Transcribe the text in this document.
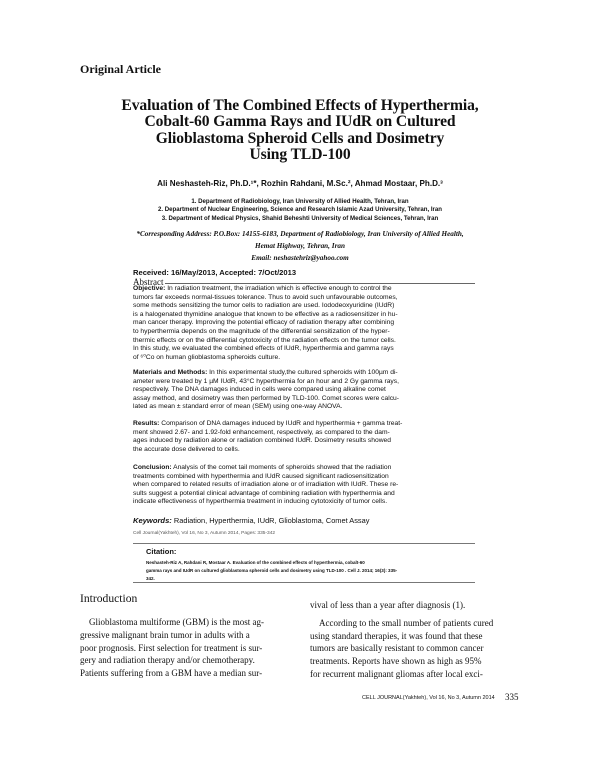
Original Article
Evaluation of The Combined Effects of Hyperthermia,
Cobalt-60 Gamma Rays and IUdR on Cultured
Glioblastoma Spheroid Cells and Dosimetry
Using TLD-100
Ali Neshasteh-Riz, Ph.D.¹*, Rozhin Rahdani, M.Sc.², Ahmad Mostaar, Ph.D.³
1. Department of Radiobiology, Iran University of Allied Health, Tehran, Iran
2. Department of Nuclear Engineering, Science and Research Islamic Azad University, Tehran, Iran
3. Department of Medical Physics, Shahid Beheshti University of Medical Sciences, Tehran, Iran
*Corresponding Address: P.O.Box: 14155-6183, Department of Radiobiology, Iran University of Allied Health,
Hemat Highway, Tehran, Iran
Email: neshastehriz@yahoo.com
Received: 16/May/2013, Accepted: 7/Oct/2013
Abstract
Objective: In radiation treatment, the irradiation which is effective enough to control the
tumors far exceeds normal-tissues tolerance. Thus to avoid such unfavourable outcomes,
some methods sensitizing the tumor cells to radiation are used. Iododeoxyuridine (IUdR)
is a halogenated thymidine analogue that known to be effective as a radiosensitizer in hu-
man cancer therapy. Improving the potential efficacy of radiation therapy after combining
to hyperthermia depends on the magnitude of the differential sensitization of the hyper-
thermic effects or on the differential cytotoxicity of the radiation effects on the tumor cells.
In this study, we evaluated the combined effects of IUdR, hyperthermia and gamma rays
of ⁶⁰Co on human glioblastoma spheroids culture.
Materials and Methods: In this experimental study,the cultured spheroids with 100µm di-
ameter were treated by 1 µM IUdR, 43°C hyperthermia for an hour and 2 Gy gamma rays,
respectively. The DNA damages induced in cells were compared using alkaline comet
assay method, and dosimetry was then performed by TLD-100. Comet scores were calcu-
lated as mean ± standard error of mean (SEM) using one-way ANOVA.
Results: Comparison of DNA damages induced by IUdR and hyperthermia + gamma treat-
ment showed 2.67- and 1.92-fold enhancement, respectively, as compared to the dam-
ages induced by radiation alone or radiation combined IUdR. Dosimetry results showed
the accurate dose delivered to cells.
Conclusion: Analysis of the comet tail moments of spheroids showed that the radiation
treatments combined with hyperthermia and IUdR caused significant radiosensitization
when compared to related results of irradiation alone or of irradiation with IUdR. These re-
sults suggest a potential clinical advantage of combining radiation with hyperthermia and
indicate effectiveness of hyperthermia treatment in inducing cytotoxicity of tumor cells.
Keywords: Radiation, Hyperthermia, IUdR, Glioblastoma, Comet Assay
Cell Journal(Yakhteh), Vol 16, No 3, Autumn 2014, Pages: 335-342
Citation:
Neshasteh-Riz A, Rahdani R, Mostaar A. Evaluation of the combined effects of hyperthermia, cobalt-60
gamma rays and IUdR on cultured glioblastoma spheroid cells and dosimetry using TLD-100 . Cell J. 2014; 16(3): 335-
342.
Introduction
Glioblastoma multiforme (GBM) is the most ag-
gressive malignant brain tumor in adults with a
poor prognosis. First selection for treatment is sur-
gery and radiation therapy and/or chemotherapy.
Patients suffering from a GBM have a median sur-
vival of less than a year after diagnosis (1).
According to the small number of patients cured
using standard therapies, it was found that these
tumors are basically resistant to common cancer
treatments. Reports have shown as high as 95%
for recurrent malignant gliomas after local exci-
CELL JOURNAL(Yakhteh), Vol 16, No 3, Autumn 2014 335
